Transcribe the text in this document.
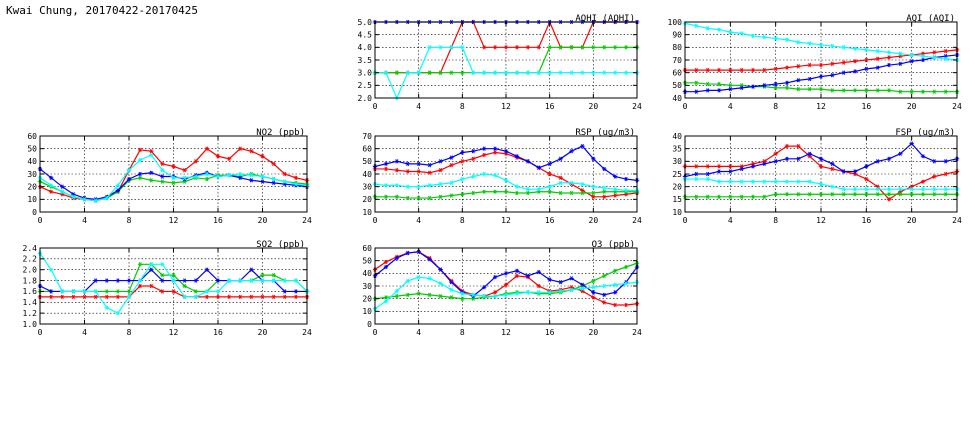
Kwai Chung, 20170422-20170425
2.0
2.5
3.0
3.5
4.0
4.5
5.0
0	4	8	12	16	20	24
AQHI (AQHI)
40
50
60
70
80
90
100
0	4	8	12	16	20	24
AQI (AQI)
0
10
20
30
40
50
60
0	4	8	12	16	20	24
NO2 (ppb)
10
20
30
40
50
60
70
0	4	8	12	16	20	24
RSP (ug/m3)
10
15
20
25
30
35
40
0	4	8	12	16	20	24
FSP (ug/m3)
1.0
1.2
1.4
1.6
1.8
2.0
2.2
2.4
0	4	8	12	16	20	24
SO2 (ppb)
0
10
20
30
40
50
60
0	4	8	12	16	20	24
O3 (ppb)
